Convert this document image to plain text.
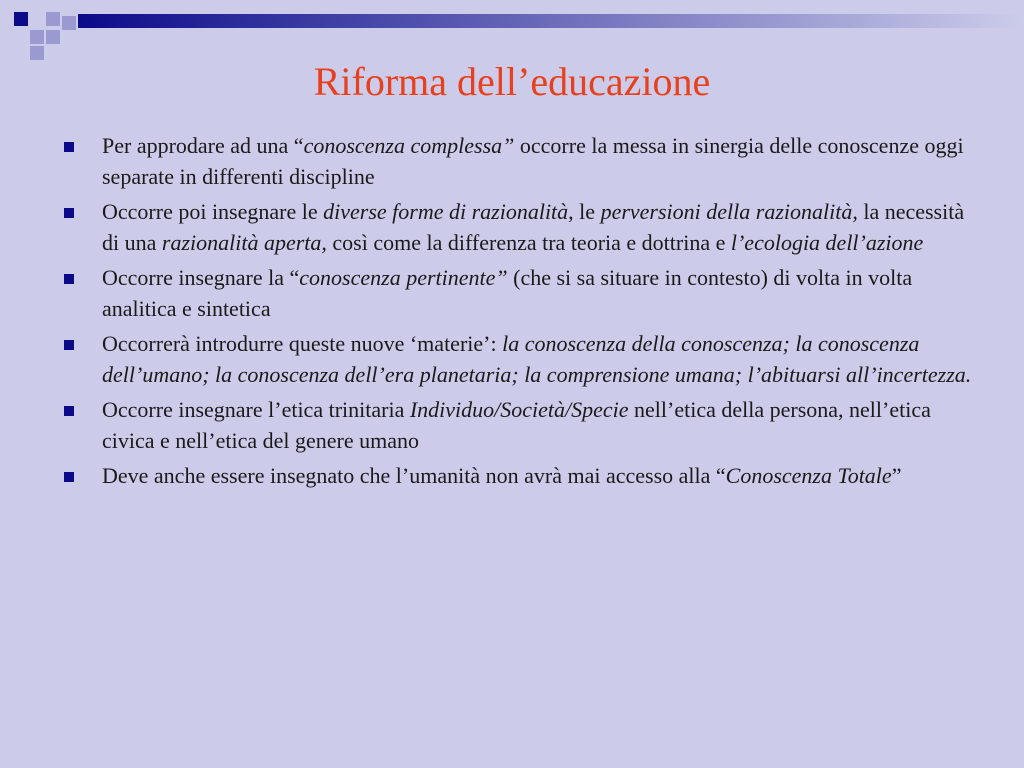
Riforma dell’educazione
Per approdare ad una “conoscenza complessa” occorre la messa in sinergia delle conoscenze oggi separate in differenti discipline
Occorre poi insegnare le diverse forme di razionalità, le perversioni della razionalità, la necessità di una razionalità aperta, così come la differenza tra teoria e dottrina e l’ecologia dell’azione
Occorre insegnare la “conoscenza pertinente” (che si sa situare in contesto) di volta in volta analitica e sintetica
Occorrerà introdurre queste nuove ‘materie’: la conoscenza della conoscenza; la conoscenza dell’umano; la conoscenza dell’era planetaria; la comprensione umana; l’abituarsi all’incertezza.
Occorre insegnare l’etica trinitaria Individuo/Società/Specie nell’etica della persona, nell’etica civica e nell’etica del genere umano
Deve anche essere insegnato che l’umanità non avrà mai accesso alla “Conoscenza Totale”
